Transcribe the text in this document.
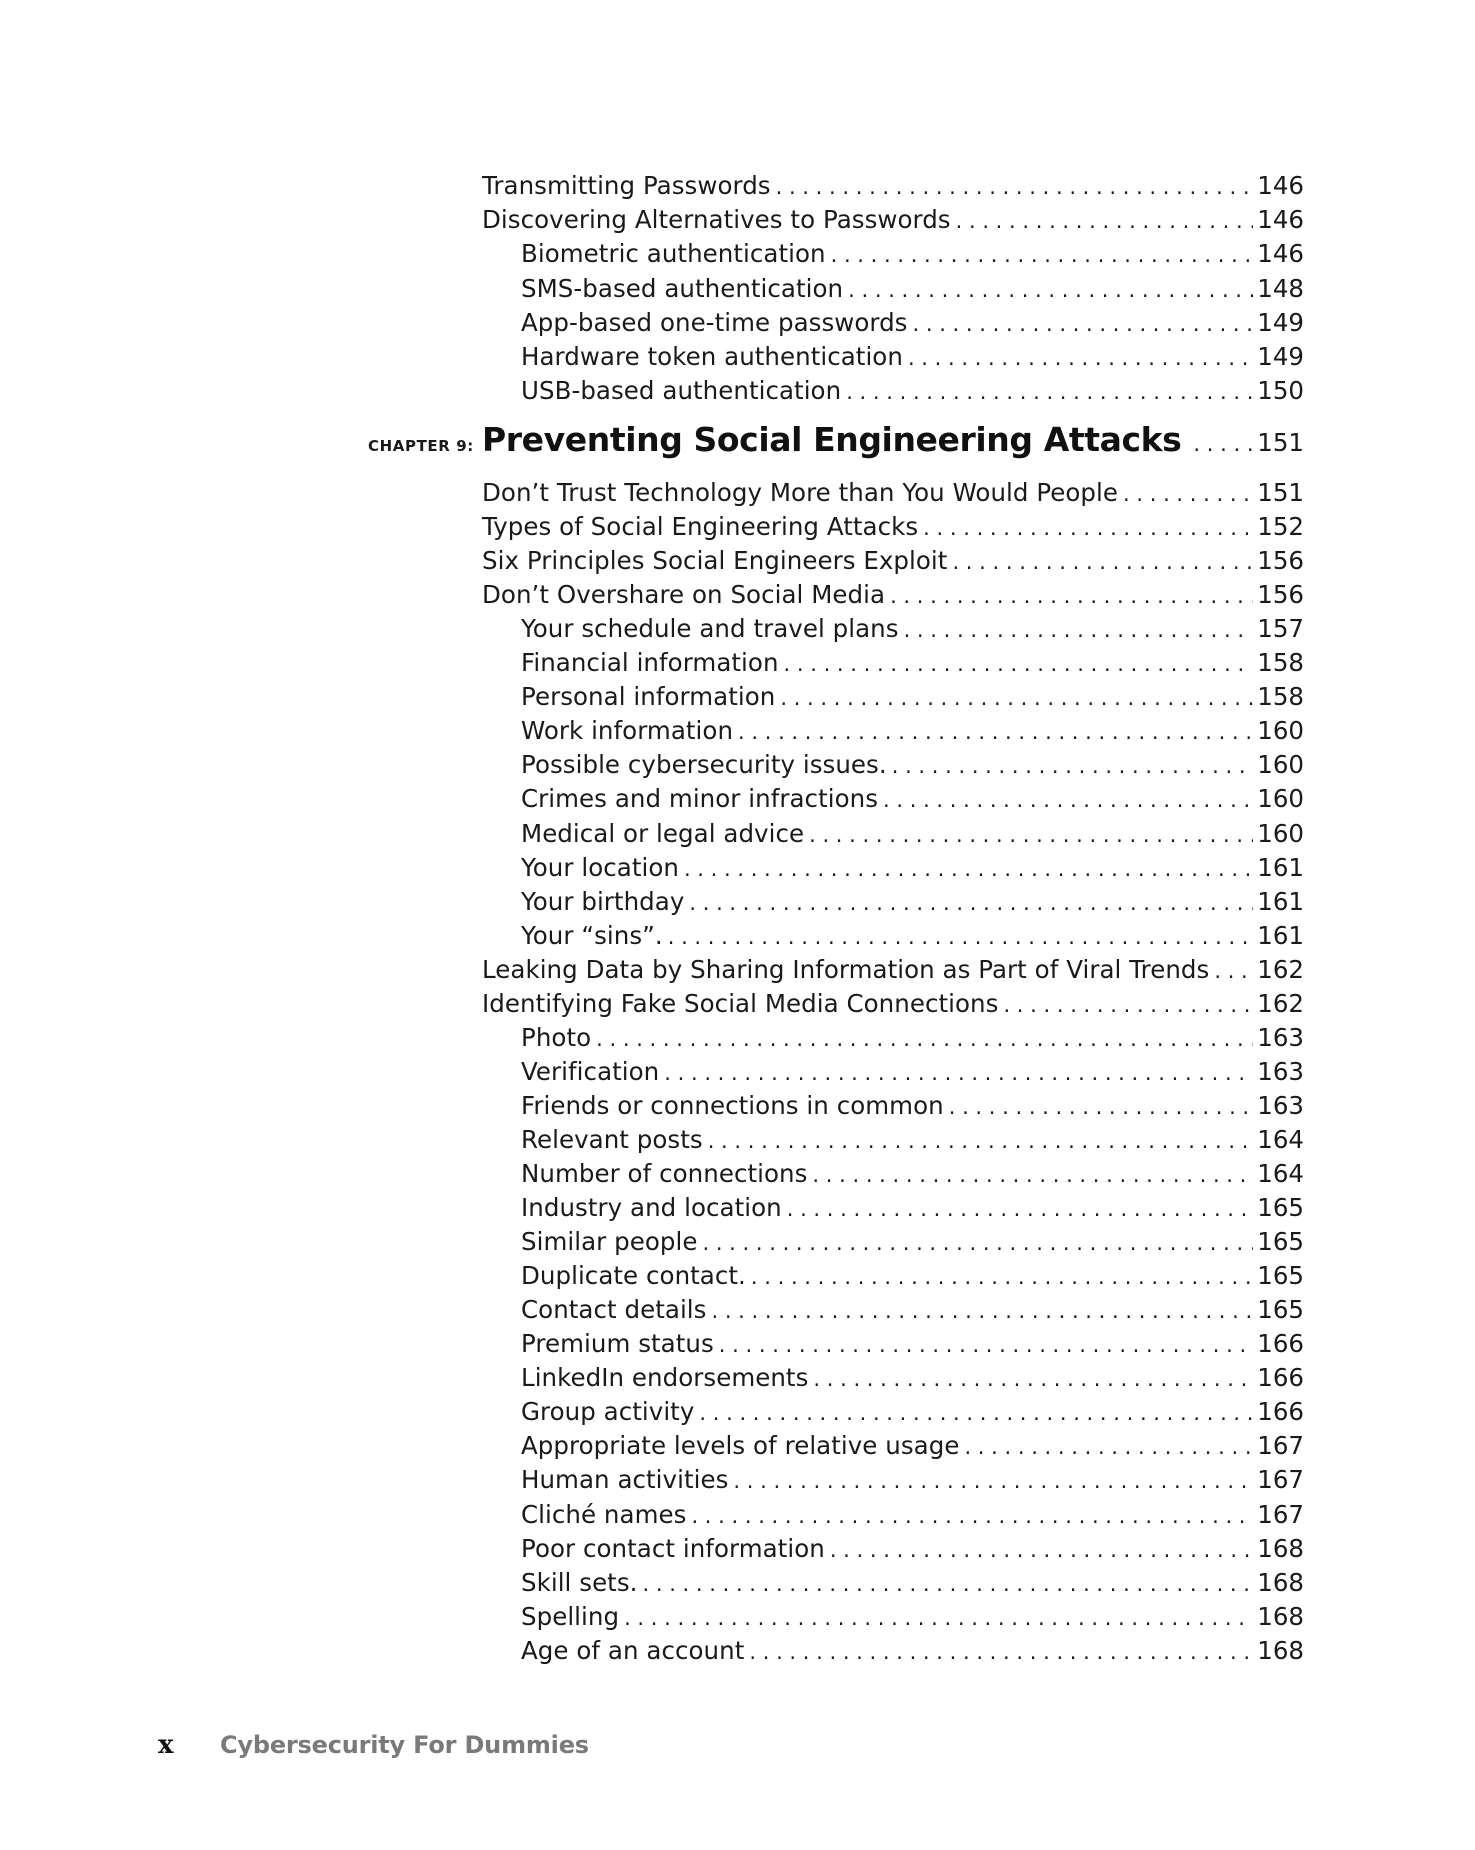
Transmitting Passwords . . .	146
Discovering Alternatives to Passwords . . .	146
Biometric authentication . . .	146
SMS-based authentication . . .	148
App-based one-time passwords . . .	149
Hardware token authentication . . .	149
USB-based authentication . . .	150
CHAPTER 9: Preventing Social Engineering Attacks . . .	151
Don’t Trust Technology More than You Would People . . .	151
Types of Social Engineering Attacks . . .	152
Six Principles Social Engineers Exploit . . .	156
Don’t Overshare on Social Media . . .	156
Your schedule and travel plans . . .	157
Financial information . . .	158
Personal information . . .	158
Work information . . .	160
Possible cybersecurity issues. . . .	160
Crimes and minor infractions . . .	160
Medical or legal advice . . .	160
Your location . . .	161
Your birthday . . .	161
Your “sins”. . . .	161
Leaking Data by Sharing Information as Part of Viral Trends . . . 162
Identifying Fake Social Media Connections . . .	162
Photo . . .	163
Verification . . .	163
Friends or connections in common . . .	163
Relevant posts . . .	164
Number of connections . . .	164
Industry and location . . .	165
Similar people . . .	165
Duplicate contact. . . .	165
Contact details . . .	165
Premium status . . .	166
LinkedIn endorsements . . .	166
Group activity . . .	166
Appropriate levels of relative usage . . .	167
Human activities . . .	167
Cliché names . . .	167
Poor contact information . . .	168
Skill sets. . . .	168
Spelling . . .	168
Age of an account . . .	168
x	Cybersecurity For Dummies
